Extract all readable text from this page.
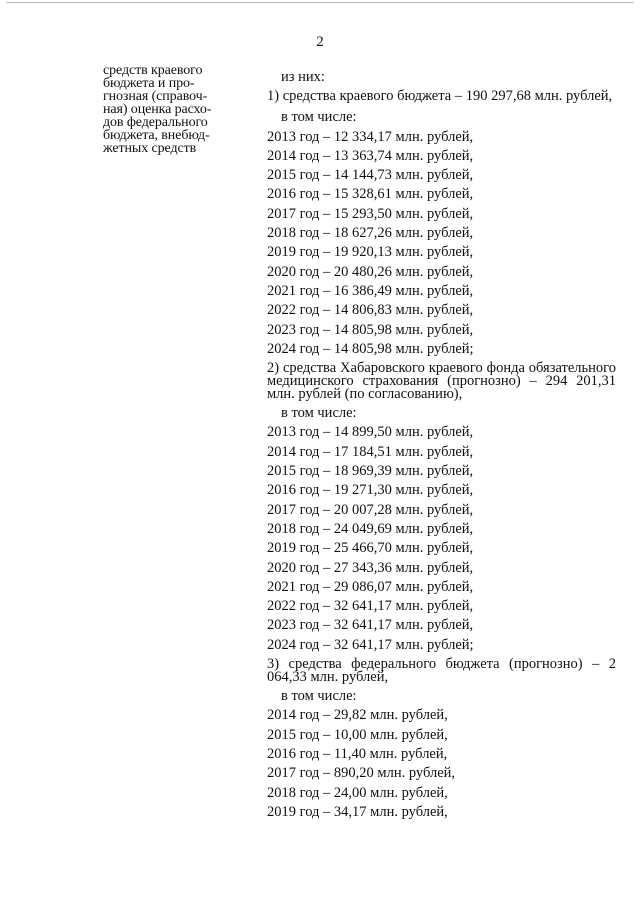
2
средств краевого
бюджета и про-
гнозная (справоч-
ная) оценка расхо-
дов федерального
бюджета, внебюд-
жетных средств
из них:
1) средства краевого бюджета – 190 297,68 млн. рублей,
в том числе:
2013 год – 12 334,17 млн. рублей,
2014 год – 13 363,74 млн. рублей,
2015 год – 14 144,73 млн. рублей,
2016 год – 15 328,61 млн. рублей,
2017 год – 15 293,50 млн. рублей,
2018 год – 18 627,26 млн. рублей,
2019 год – 19 920,13 млн. рублей,
2020 год – 20 480,26 млн. рублей,
2021 год – 16 386,49 млн. рублей,
2022 год – 14 806,83 млн. рублей,
2023 год – 14 805,98 млн. рублей,
2024 год – 14 805,98 млн. рублей;
2) средства Хабаровского краевого фонда обязательного медицинского страхования (прогнозно) – 294 201,31 млн. рублей (по согласованию),
в том числе:
2013 год – 14 899,50 млн. рублей,
2014 год – 17 184,51 млн. рублей,
2015 год – 18 969,39 млн. рублей,
2016 год – 19 271,30 млн. рублей,
2017 год – 20 007,28 млн. рублей,
2018 год – 24 049,69 млн. рублей,
2019 год – 25 466,70 млн. рублей,
2020 год – 27 343,36 млн. рублей,
2021 год – 29 086,07 млн. рублей,
2022 год – 32 641,17 млн. рублей,
2023 год – 32 641,17 млн. рублей,
2024 год – 32 641,17 млн. рублей;
3) средства федерального бюджета (прогнозно) – 2 064,33 млн. рублей,
в том числе:
2014 год – 29,82 млн. рублей,
2015 год – 10,00 млн. рублей,
2016 год – 11,40 млн. рублей,
2017 год – 890,20 млн. рублей,
2018 год – 24,00 млн. рублей,
2019 год – 34,17 млн. рублей,
